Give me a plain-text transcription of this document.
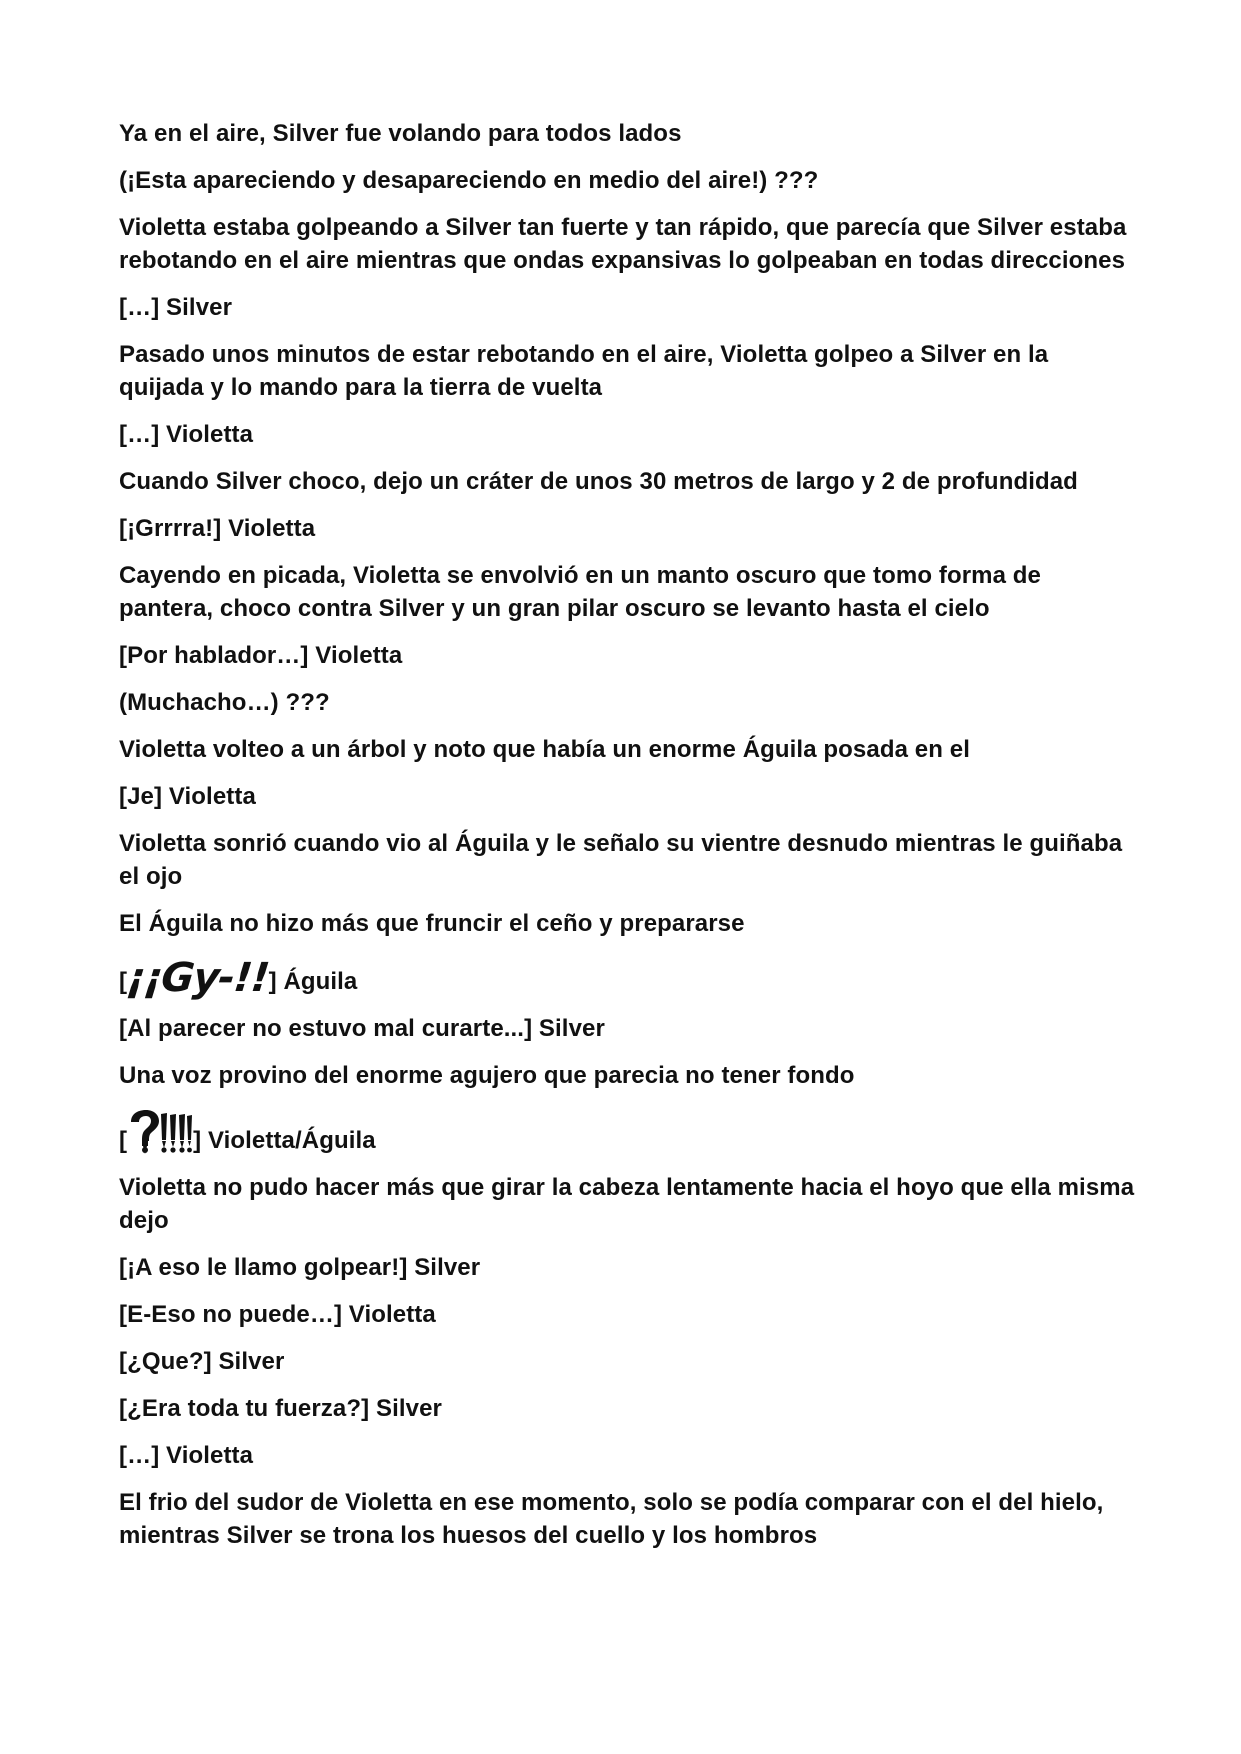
Ya en el aire, Silver fue volando para todos lados

(¡Esta apareciendo y desapareciendo en medio del aire!) ???

Violetta estaba golpeando a Silver tan fuerte y tan rápido, que parecía que Silver estaba rebotando en el aire mientras que ondas expansivas lo golpeaban en todas direcciones

[…] Silver

Pasado unos minutos de estar rebotando en el aire, Violetta golpeo a Silver en la quijada y lo mando para la tierra de vuelta

[…] Violetta

Cuando Silver choco, dejo un cráter de unos 30 metros de largo y 2 de profundidad

[¡Grrrra!] Violetta

Cayendo en picada, Violetta se envolvió en un manto oscuro que tomo forma de pantera, choco contra Silver y un gran pilar oscuro se levanto hasta el cielo

[Por hablador…] Violetta

(Muchacho…) ???

Violetta volteo a un árbol y noto que había un enorme Águila posada en el

[Je] Violetta

Violetta sonrió cuando vio al Águila y le señalo su vientre desnudo mientras le guiñaba el ojo

El Águila no hizo más que fruncir el ceño y prepararse

[¡¡Gy-!!] Águila

[Al parecer no estuvo mal curarte...] Silver

Una voz provino del enorme agujero que parecia no tener fondo

[	] Violetta/Águila

Violetta no pudo hacer más que girar la cabeza lentamente hacia el hoyo que ella misma dejo

[¡A eso le llamo golpear!] Silver

[E-Eso no puede…] Violetta

[¿Que?] Silver

[¿Era toda tu fuerza?] Silver

[…] Violetta

El frio del sudor de Violetta en ese momento, solo se podía comparar con el del hielo, mientras Silver se trona los huesos del cuello y los hombros
